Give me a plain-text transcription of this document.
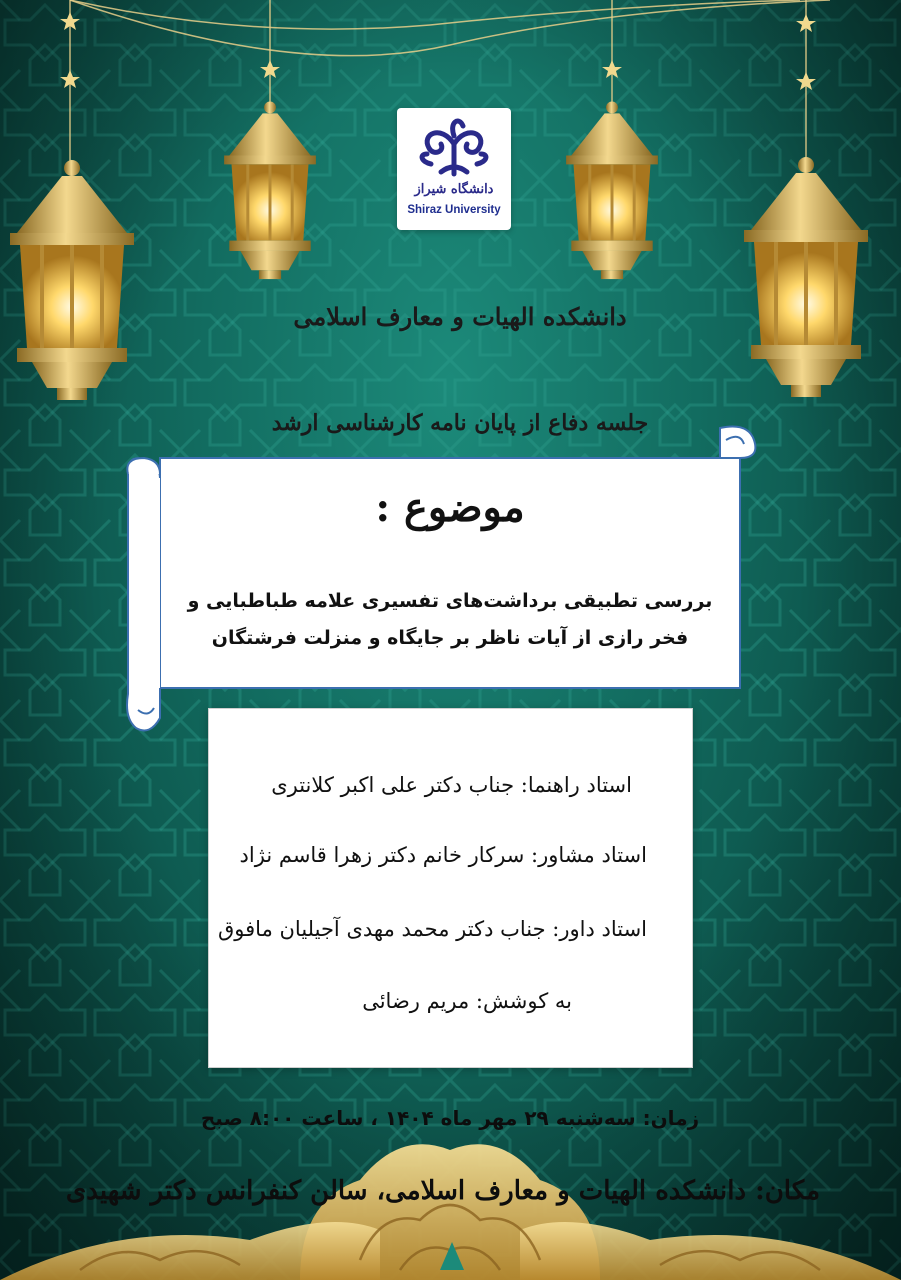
دانشگاه شیراز
Shiraz University
دانشکده الهیات و معارف اسلامی
جلسه دفاع از پایان نامه کارشناسی ارشد
موضوع :
بررسی تطبیقی برداشت‌های تفسیری علامه طباطبایی و
فخر رازی از آیات ناظر بر جایگاه و منزلت فرشتگان
استاد راهنما: جناب دکتر علی اکبر کلانتری
استاد مشاور: سرکار خانم دکتر زهرا قاسم نژاد
استاد داور: جناب دکتر محمد مهدی آجیلیان مافوق
به کوشش: مریم رضائی
زمان: سه‌شنبه ۲۹ مهر ماه ۱۴۰۴ ، ساعت ۸:۰۰ صبح
مکان: دانشکده الهیات و معارف اسلامی، سالن کنفرانس دکتر شهیدی
